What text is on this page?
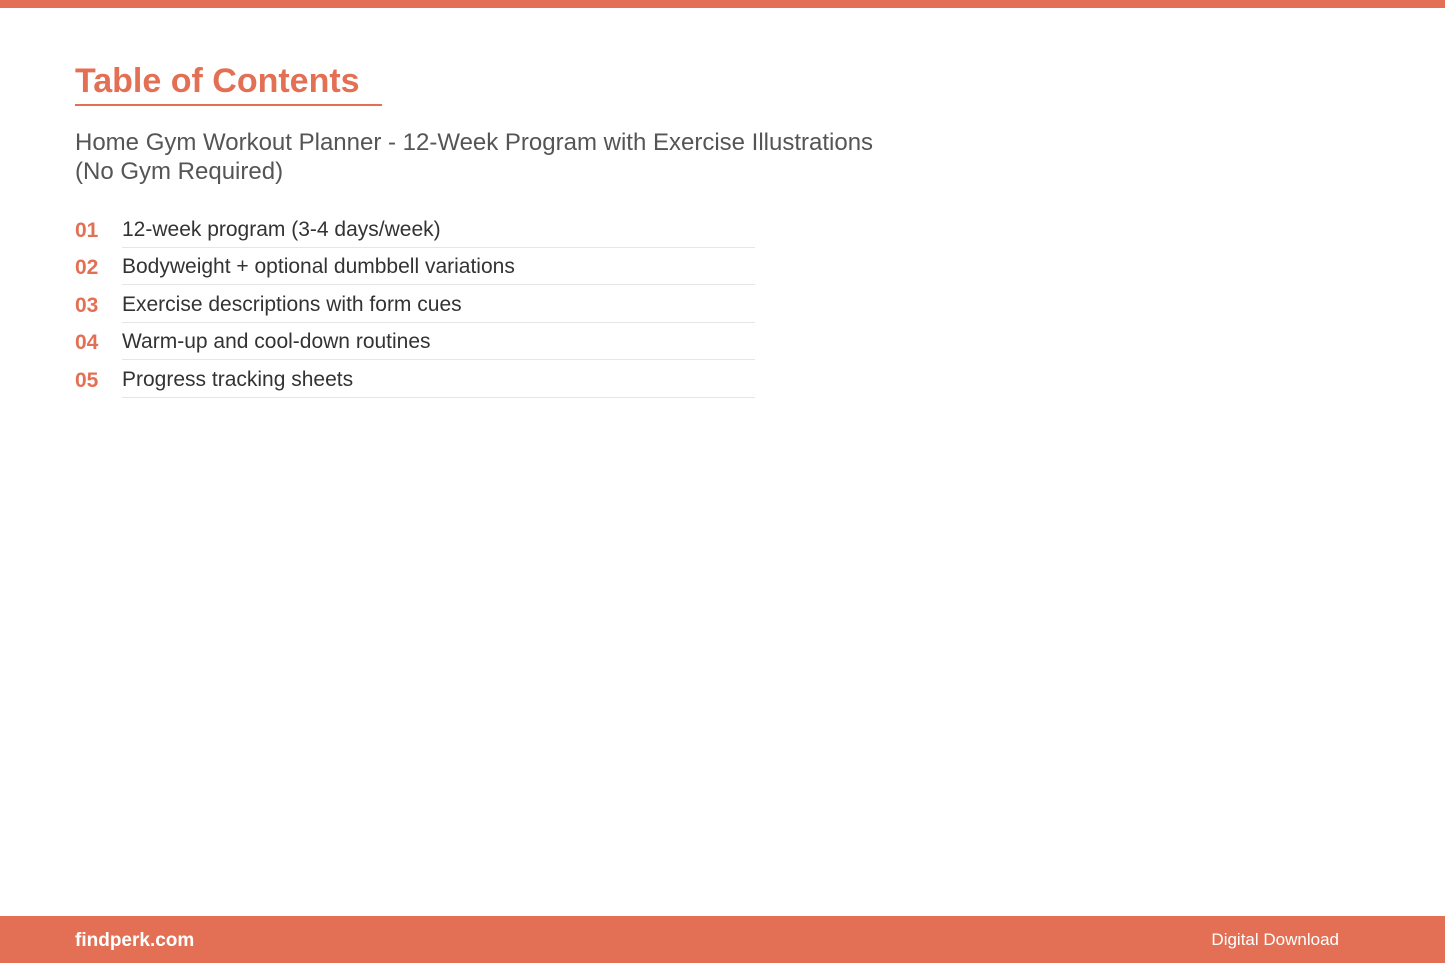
Table of Contents
Home Gym Workout Planner - 12-Week Program with Exercise Illustrations (No Gym Required)
01	12-week program (3-4 days/week)
02	Bodyweight + optional dumbbell variations
03	Exercise descriptions with form cues
04	Warm-up and cool-down routines
05	Progress tracking sheets
findperk.com	Digital Download
